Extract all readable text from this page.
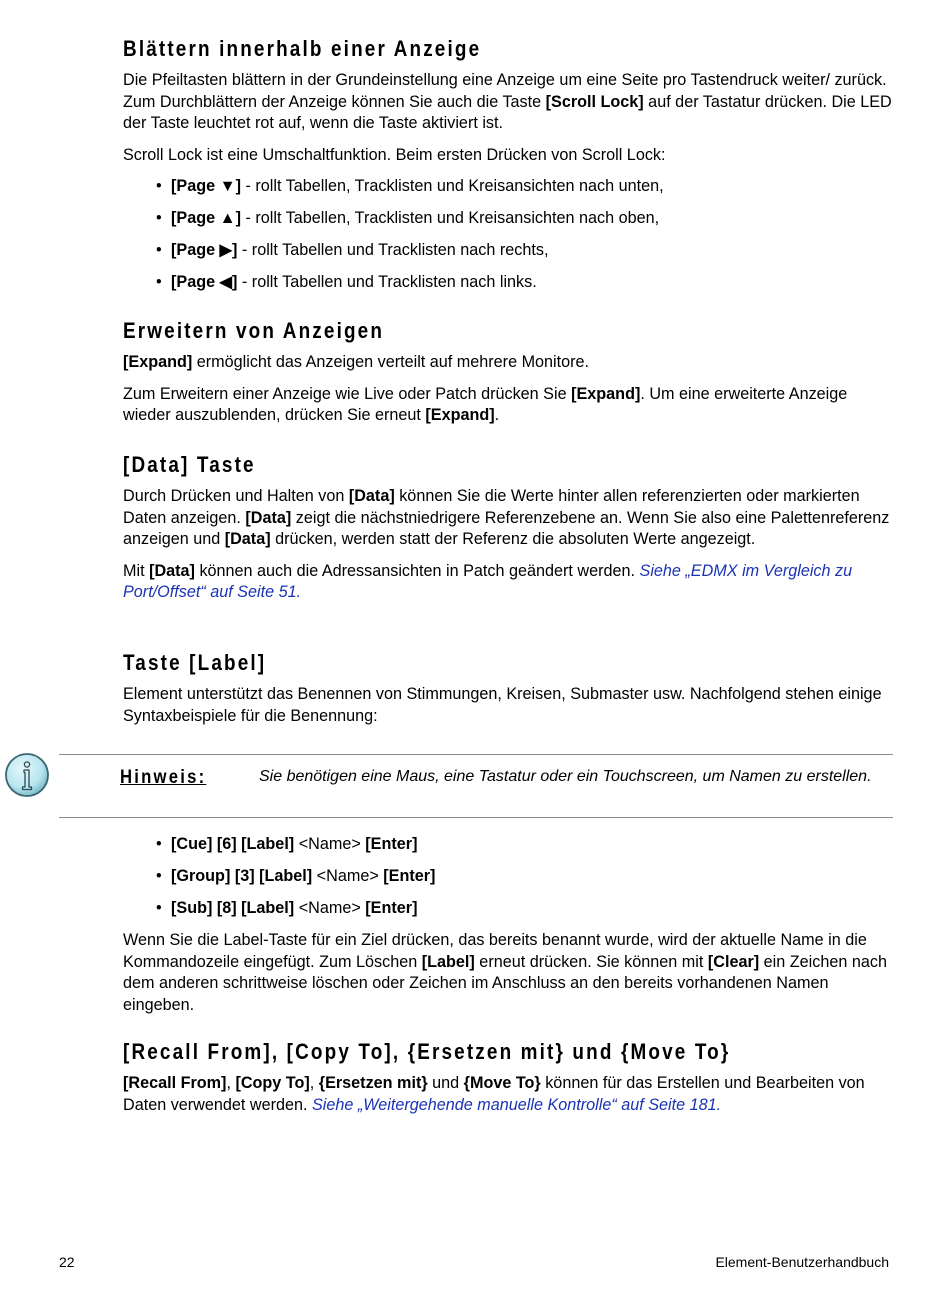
Blättern innerhalb einer Anzeige

Die Pfeiltasten blättern in der Grundeinstellung eine Anzeige um eine Seite pro Tastendruck weiter/ zurück. Zum Durchblättern der Anzeige können Sie auch die Taste [Scroll Lock] auf der Tastatur drücken. Die LED der Taste leuchtet rot auf, wenn die Taste aktiviert ist.

Scroll Lock ist eine Umschaltfunktion. Beim ersten Drücken von Scroll Lock:

• [Page ▼] - rollt Tabellen, Tracklisten und Kreisansichten nach unten,
• [Page ▲] - rollt Tabellen, Tracklisten und Kreisansichten nach oben,
• [Page ▶] - rollt Tabellen und Tracklisten nach rechts,
• [Page ◀] - rollt Tabellen und Tracklisten nach links.
Erweitern von Anzeigen

[Expand] ermöglicht das Anzeigen verteilt auf mehrere Monitore.

Zum Erweitern einer Anzeige wie Live oder Patch drücken Sie [Expand]. Um eine erweiterte Anzeige wieder auszublenden, drücken Sie erneut [Expand].

[Data] Taste

Durch Drücken und Halten von [Data] können Sie die Werte hinter allen referenzierten oder markierten Daten anzeigen. [Data] zeigt die nächstniedrigere Referenzebene an. Wenn Sie also eine Palettenreferenz anzeigen und [Data] drücken, werden statt der Referenz die absoluten Werte angezeigt.

Mit [Data] können auch die Adressansichten in Patch geändert werden. Siehe „EDMX im Vergleich zu Port/Offset“ auf Seite 51.

Taste [Label]

Element unterstützt das Benennen von Stimmungen, Kreisen, Submaster usw. Nachfolgend stehen einige Syntaxbeispiele für die Benennung:

Hinweis:	Sie benötigen eine Maus, eine Tastatur oder ein Touchscreen, um Namen zu erstellen.
• [Cue] [6] [Label] <Name> [Enter]
• [Group] [3] [Label] <Name> [Enter]
• [Sub] [8] [Label] <Name> [Enter]

Wenn Sie die Label-Taste für ein Ziel drücken, das bereits benannt wurde, wird der aktuelle Name in die Kommandozeile eingefügt. Zum Löschen [Label] erneut drücken. Sie können mit [Clear] ein Zeichen nach dem anderen schrittweise löschen oder Zeichen im Anschluss an den bereits vorhandenen Namen eingeben.

[Recall From], [Copy To], {Ersetzen mit} und {Move To}

[Recall From], [Copy To], {Ersetzen mit} und {Move To} können für das Erstellen und Bearbeiten von Daten verwendet werden. Siehe „Weitergehende manuelle Kontrolle“ auf Seite 181.

22	Element-Benutzerhandbuch
